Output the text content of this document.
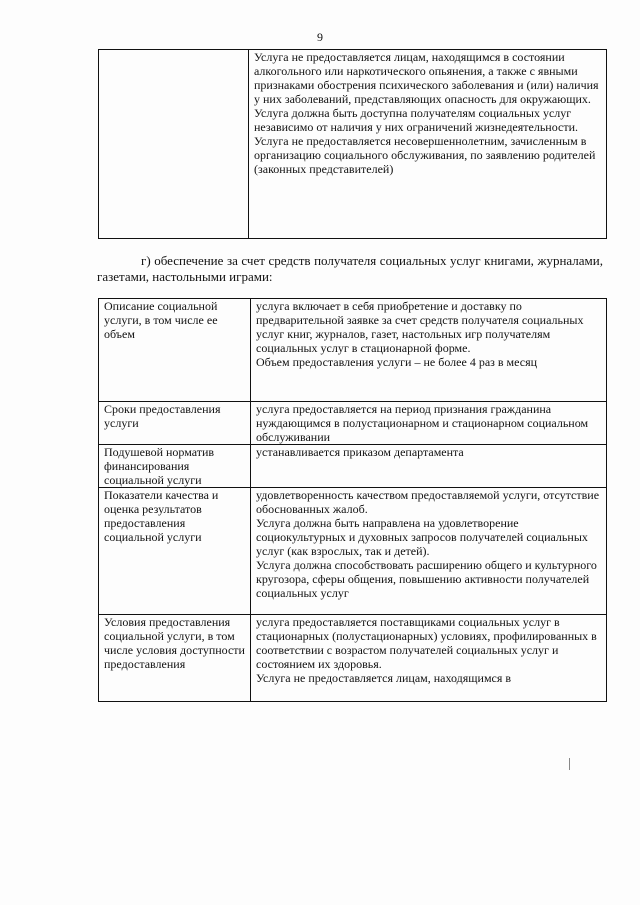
9

Услуга не предоставляется лицам, находящимся в состоянии алкогольного или наркотического опьянения, а также с явными признаками обострения психического заболевания и (или) наличия у них заболеваний, представляющих опасность для окружающих.

Услуга должна быть доступна получателям социальных услуг независимо от наличия у них ограничений жизнедеятельности.

Услуга не предоставляется несовершеннолетним, зачисленным в организацию социального обслуживания, по заявлению родителей (законных представителей)

г) обеспечение за счет средств получателя социальных услуг книгами, журналами, газетами, настольными играми:

Описание социальной услуги, в том числе ее объем	услуга включает в себя приобретение и доставку по предварительной заявке за счет средств получателя социальных услуг книг, журналов, газет, настольных игр получателям социальных услуг в стационарной форме.

Объем предоставления услуги – не более 4 раз в месяц

Сроки предоставления услуги	услуга предоставляется на период признания гражданина нуждающимся в полустационарном и стационарном социальном обслуживании

Подушевой норматив финансирования социальной услуги	устанавливается приказом департамента

Показатели качества и оценка результатов предоставления социальной услуги	удовлетворенность качеством предоставляемой услуги, отсутствие обоснованных жалоб.

Услуга должна быть направлена на удовлетворение социокультурных и духовных запросов получателей социальных услуг (как взрослых, так и детей).

Услуга должна способствовать расширению общего и культурного кругозора, сферы общения, повышению активности получателей социальных услуг

Условия предоставления социальной услуги, в том числе условия доступности предоставления	услуга предоставляется поставщиками социальных услуг в стационарных (полустационарных) условиях, профилированных в соответствии с возрастом получателей социальных услуг и состоянием их здоровья.

Услуга не предоставляется лицам, находящимся в
